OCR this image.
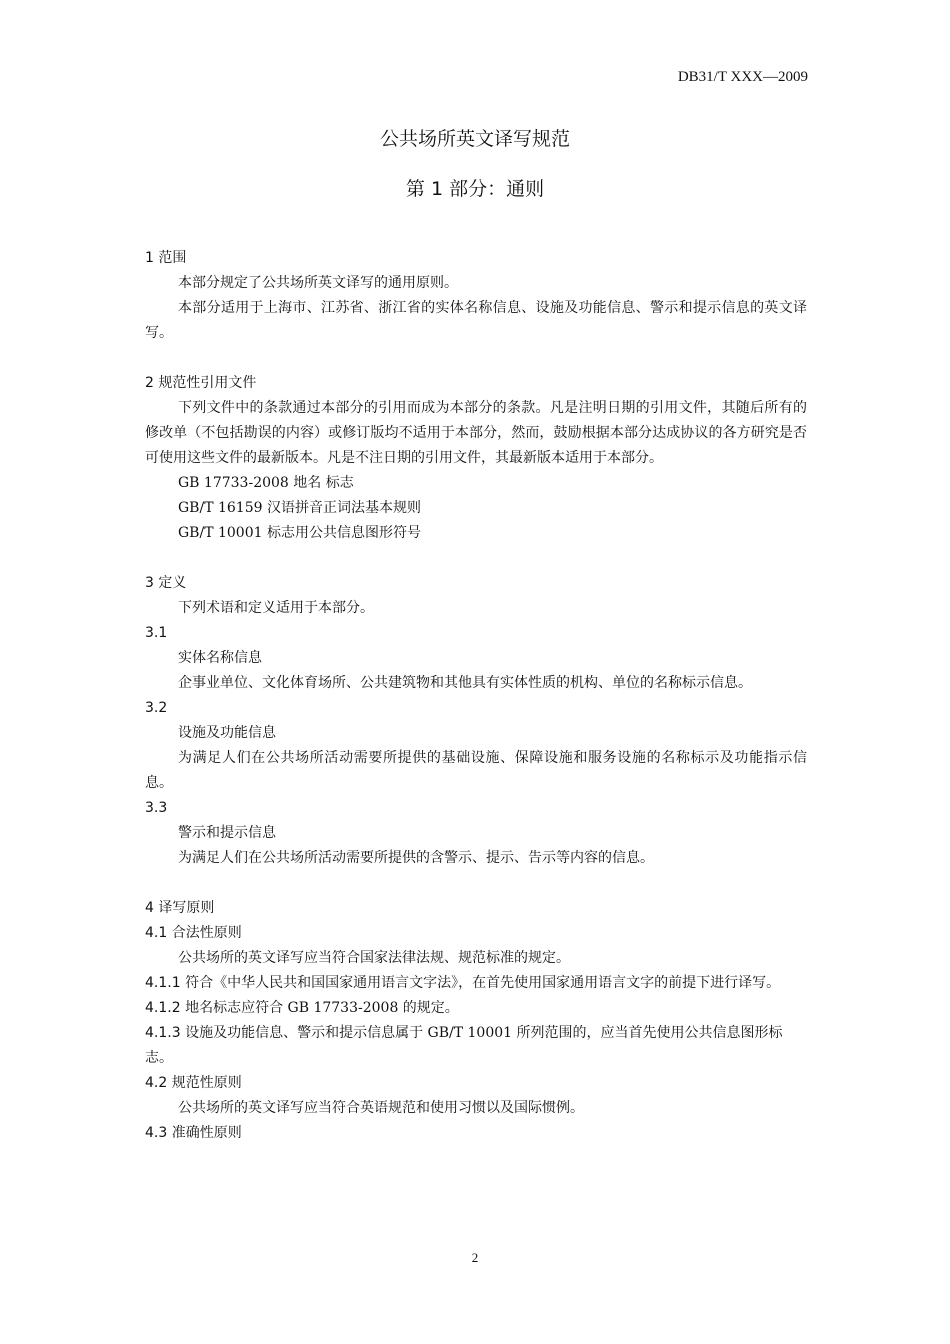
DB31/T XXX—2009
公共场所英文译写规范
第 1 部分：通则
1 范围
本部分规定了公共场所英文译写的通用原则。
本部分适用于上海市、江苏省、浙江省的实体名称信息、设施及功能信息、警示和提示信息的英文译写。
2 规范性引用文件
下列文件中的条款通过本部分的引用而成为本部分的条款。凡是注明日期的引用文件，其随后所有的修改单（不包括勘误的内容）或修订版均不适用于本部分，然而，鼓励根据本部分达成协议的各方研究是否可使用这些文件的最新版本。凡是不注日期的引用文件，其最新版本适用于本部分。
GB 17733-2008 地名 标志
GB/T 16159 汉语拼音正词法基本规则
GB/T 10001 标志用公共信息图形符号
3 定义
下列术语和定义适用于本部分。
3.1
实体名称信息
企事业单位、文化体育场所、公共建筑物和其他具有实体性质的机构、单位的名称标示信息。
3.2
设施及功能信息
为满足人们在公共场所活动需要所提供的基础设施、保障设施和服务设施的名称标示及功能指示信息。
3.3
警示和提示信息
为满足人们在公共场所活动需要所提供的含警示、提示、告示等内容的信息。
4 译写原则
4.1 合法性原则
公共场所的英文译写应当符合国家法律法规、规范标准的规定。
4.1.1 符合《中华人民共和国国家通用语言文字法》，在首先使用国家通用语言文字的前提下进行译写。
4.1.2 地名标志应符合 GB 17733-2008 的规定。
4.1.3 设施及功能信息、警示和提示信息属于 GB/T 10001 所列范围的，应当首先使用公共信息图形标志。
4.2 规范性原则
公共场所的英文译写应当符合英语规范和使用习惯以及国际惯例。
4.3 准确性原则
2
